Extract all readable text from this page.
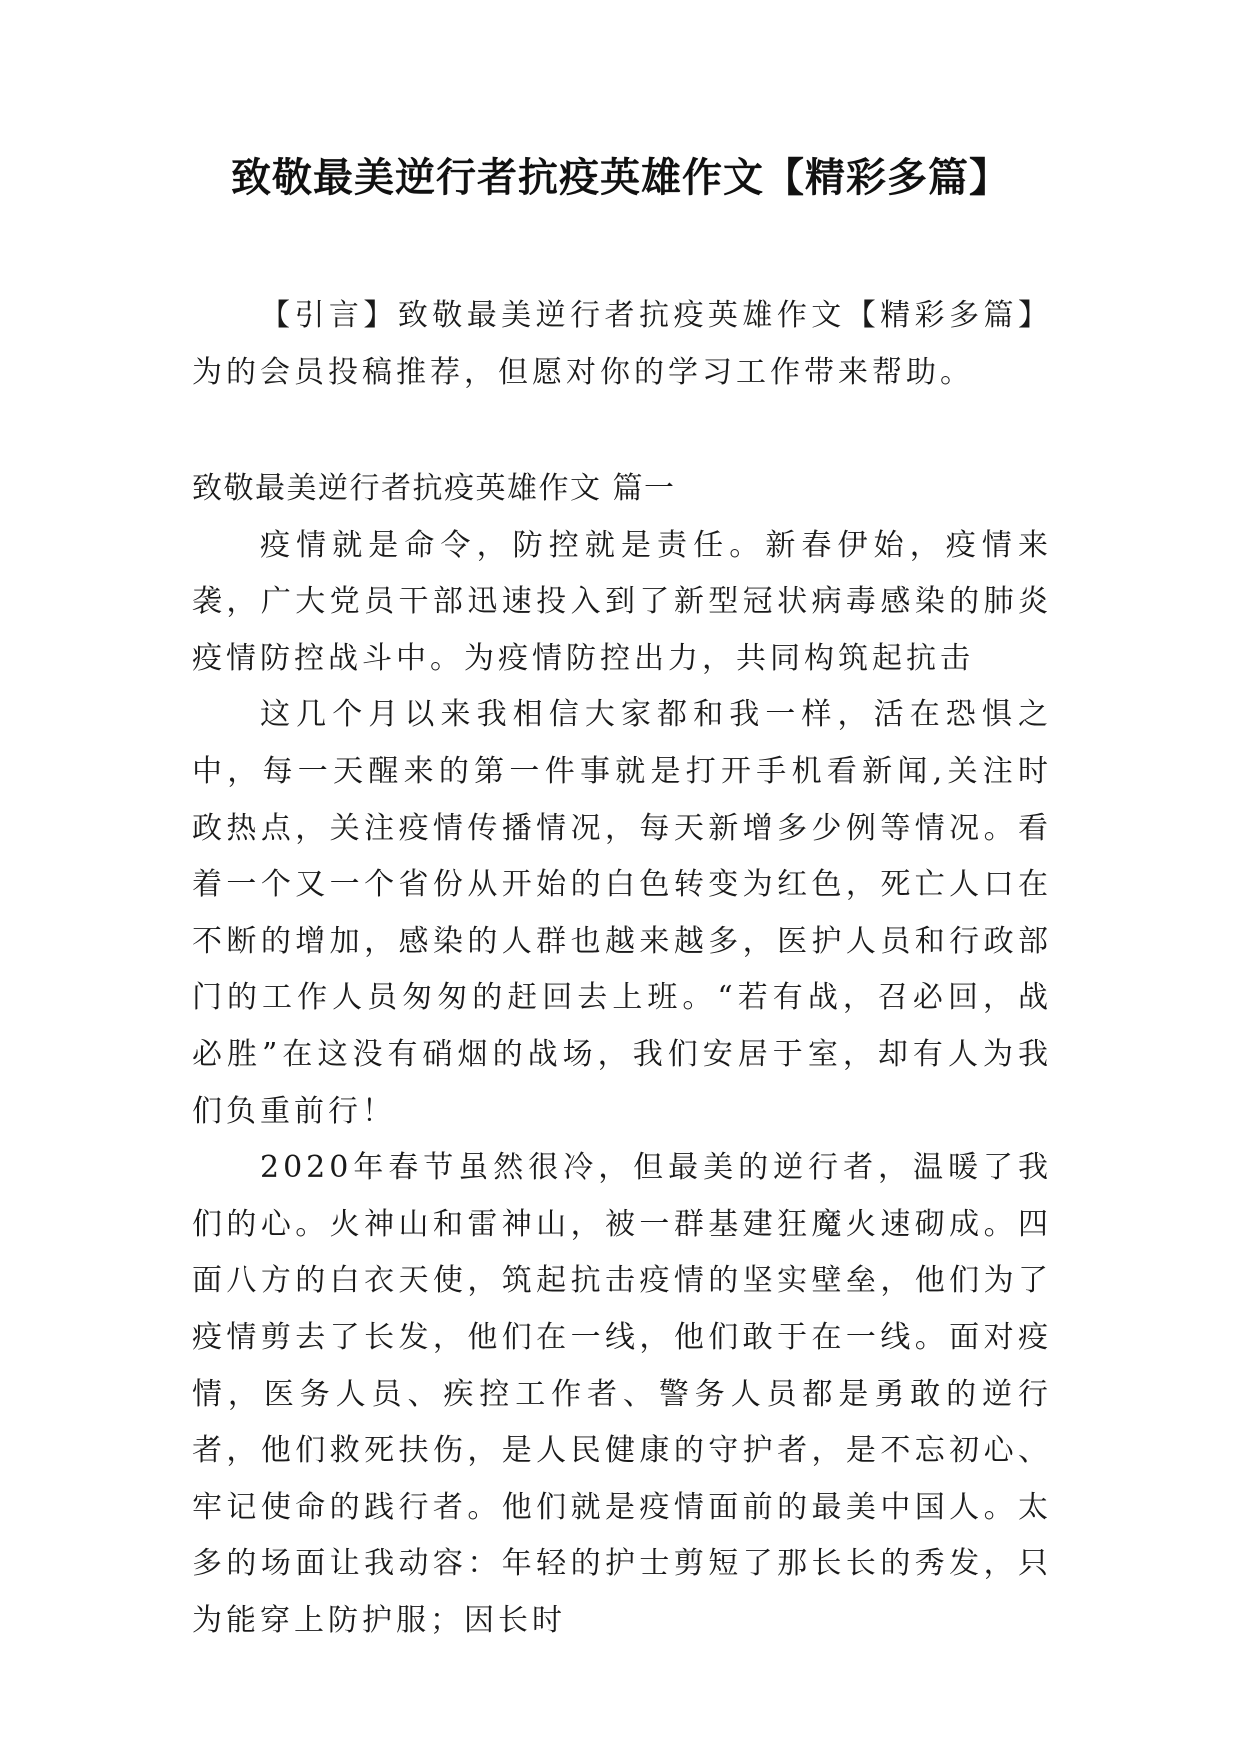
致敬最美逆行者抗疫英雄作文【精彩多篇】

【引言】致敬最美逆行者抗疫英雄作文【精彩多篇】为的会员投稿推荐，但愿对你的学习工作带来帮助。

致敬最美逆行者抗疫英雄作文 篇一

疫情就是命令，防控就是责任。新春伊始，疫情来袭，广大党员干部迅速投入到了新型冠状病毒感染的肺炎疫情防控战斗中。为疫情防控出力，共同构筑起抗击

这几个月以来我相信大家都和我一样，活在恐惧之中，每一天醒来的第一件事就是打开手机看新闻,关注时政热点，关注疫情传播情况，每天新增多少例等情况。看着一个又一个省份从开始的白色转变为红色，死亡人口在不断的增加，感染的人群也越来越多，医护人员和行政部门的工作人员匆匆的赶回去上班。“若有战，召必回，战必胜”在这没有硝烟的战场，我们安居于室，却有人为我们负重前行！

2020年春节虽然很冷，但最美的逆行者，温暖了我们的心。火神山和雷神山，被一群基建狂魔火速砌成。四面八方的白衣天使，筑起抗击疫情的坚实壁垒，他们为了疫情剪去了长发，他们在一线，他们敢于在一线。面对疫情，医务人员、疾控工作者、警务人员都是勇敢的逆行者，他们救死扶伤，是人民健康的守护者，是不忘初心、牢记使命的践行者。他们就是疫情面前的最美中国人。太多的场面让我动容：年轻的护士剪短了那长长的秀发，只为能穿上防护服；因长时
